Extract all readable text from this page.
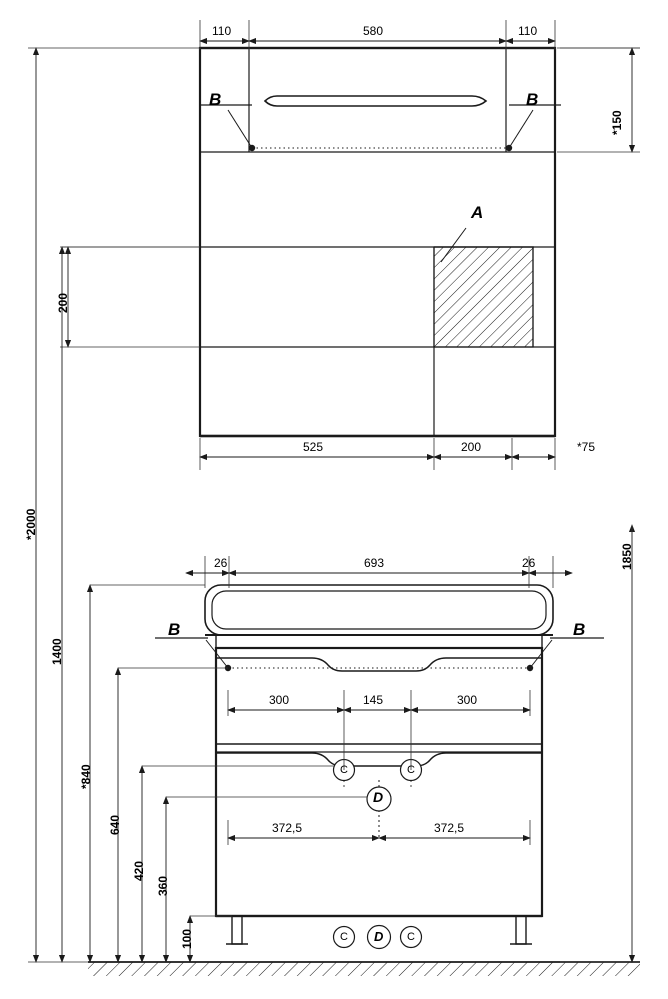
110	580	110
B	B
A
200
*150
525	200	*75
26	693	26
B	B
300	145	300
372,5	372,5
C	C
D
C D C
*2000
1850
1400
*840
640
420
360
100
